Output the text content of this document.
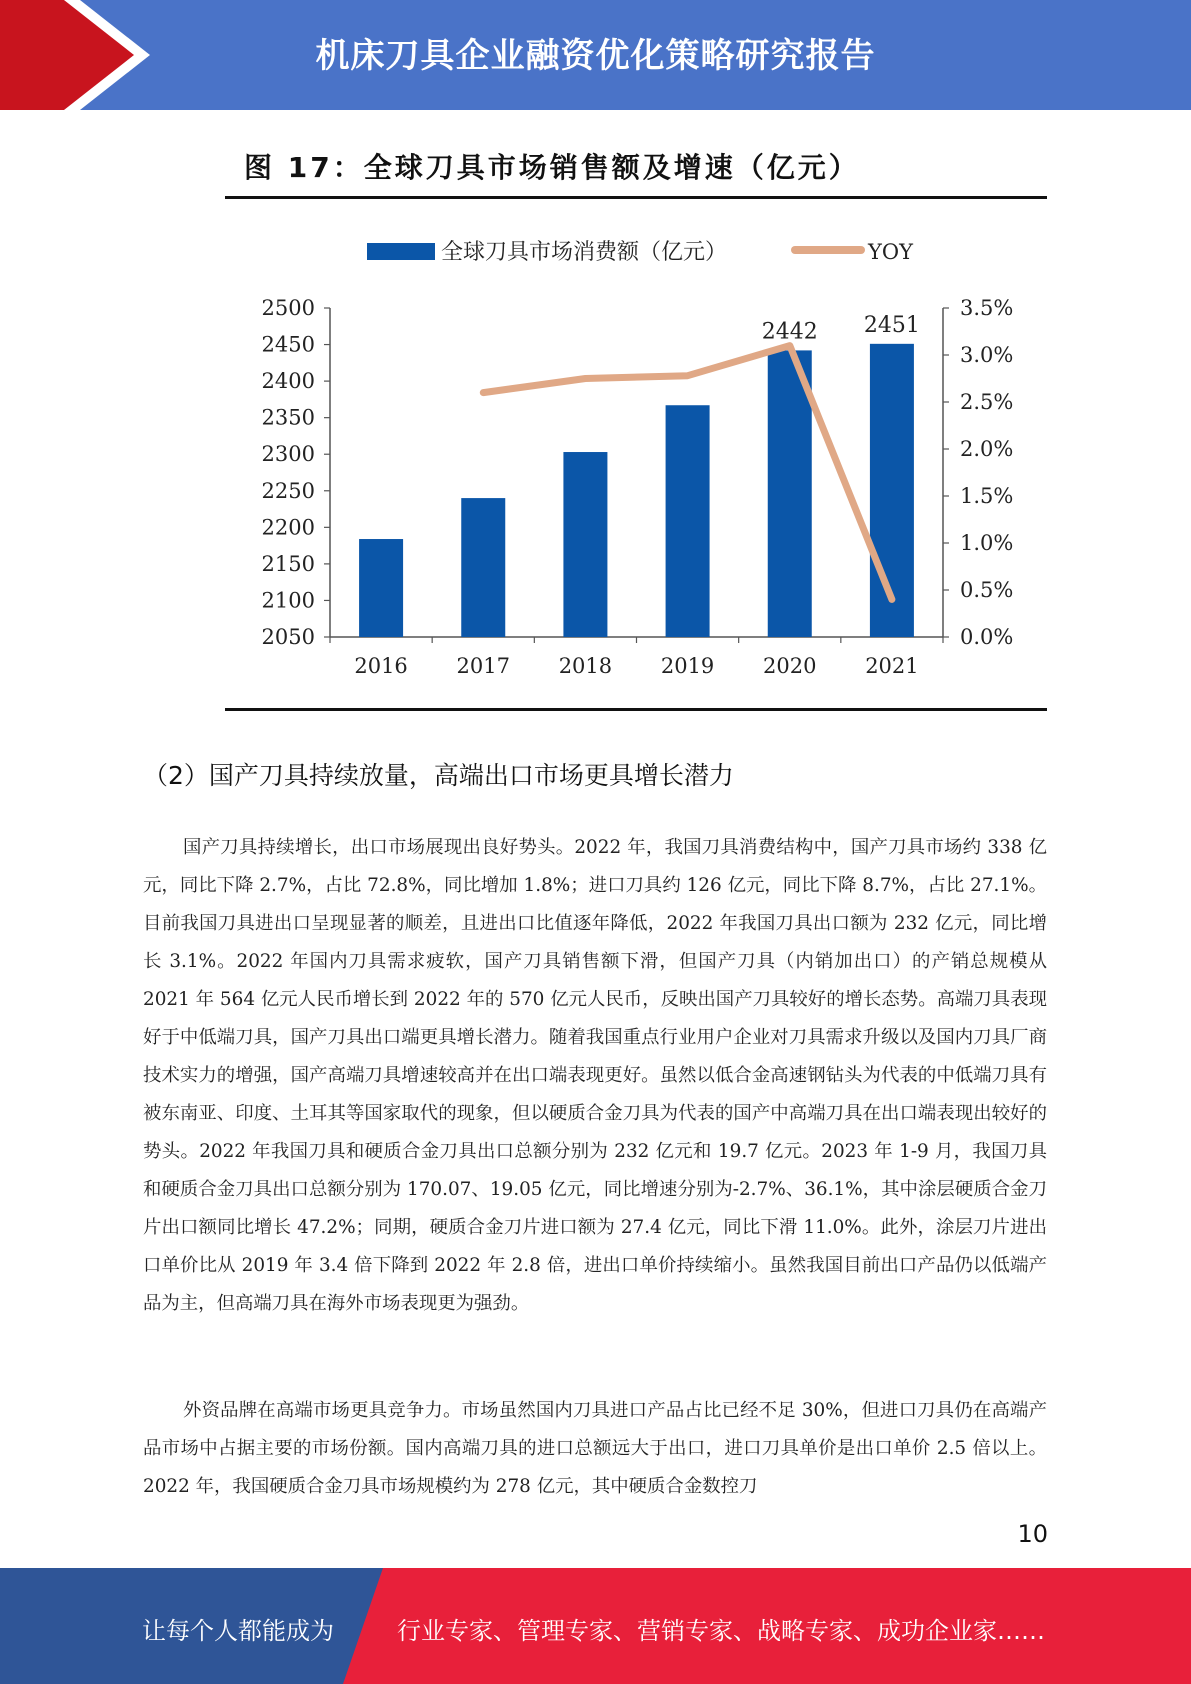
机床刀具企业融资优化策略研究报告
图 17：全球刀具市场销售额及增速（亿元）
全球刀具市场消费额（亿元）	YOY
2500
2450
2400
2350
2300
2250
2200
2150
2100
2050
3.5%
3.0%
2.5%
2.0%
1.5%
1.0%
0.5%
0.0%
2016 2017 2018 2019 2020 2021
2442 2451
（2）国产刀具持续放量，高端出口市场更具增长潜力

国产刀具持续增长，出口市场展现出良好势头。2022 年，我国刀具消费结构中，国产刀具市场约 338 亿元，同比下降 2.7%，占比 72.8%，同比增加 1.8%；进口刀具约 126 亿元，同比下降 8.7%，占比 27.1%。目前我国刀具进出口呈现显著的顺差，且进出口比值逐年降低，2022 年我国刀具出口额为 232 亿元，同比增长 3.1%。2022 年国内刀具需求疲软，国产刀具销售额下滑，但国产刀具（内销加出口）的产销总规模从 2021 年 564 亿元人民币增长到 2022 年的 570 亿元人民币，反映出国产刀具较好的增长态势。高端刀具表现好于中低端刀具，国产刀具出口端更具增长潜力。随着我国重点行业用户企业对刀具需求升级以及国内刀具厂商技术实力的增强，国产高端刀具增速较高并在出口端表现更好。虽然以低合金高速钢钻头为代表的中低端刀具有被东南亚、印度、土耳其等国家取代的现象，但以硬质合金刀具为代表的国产中高端刀具在出口端表现出较好的势头。2022 年我国刀具和硬质合金刀具出口总额分别为 232 亿元和 19.7 亿元。2023 年 1-9 月，我国刀具和硬质合金刀具出口总额分别为 170.07、19.05 亿元，同比增速分别为-2.7%、36.1%，其中涂层硬质合金刀片出口额同比增长 47.2%；同期，硬质合金刀片进口额为 27.4 亿元，同比下滑 11.0%。此外，涂层刀片进出口单价比从 2019 年 3.4 倍下降到 2022 年 2.8 倍，进出口单价持续缩小。虽然我国目前出口产品仍以低端产品为主，但高端刀具在海外市场表现更为强劲。

外资品牌在高端市场更具竞争力。市场虽然国内刀具进口产品占比已经不足 30%，但进口刀具仍在高端产品市场中占据主要的市场份额。国内高端刀具的进口总额远大于出口，进口刀具单价是出口单价 2.5 倍以上。2022 年，我国硬质合金刀具市场规模约为 278 亿元，其中硬质合金数控刀

10
让每个人都能成为	行业专家、管理专家、营销专家、战略专家、成功企业家……
